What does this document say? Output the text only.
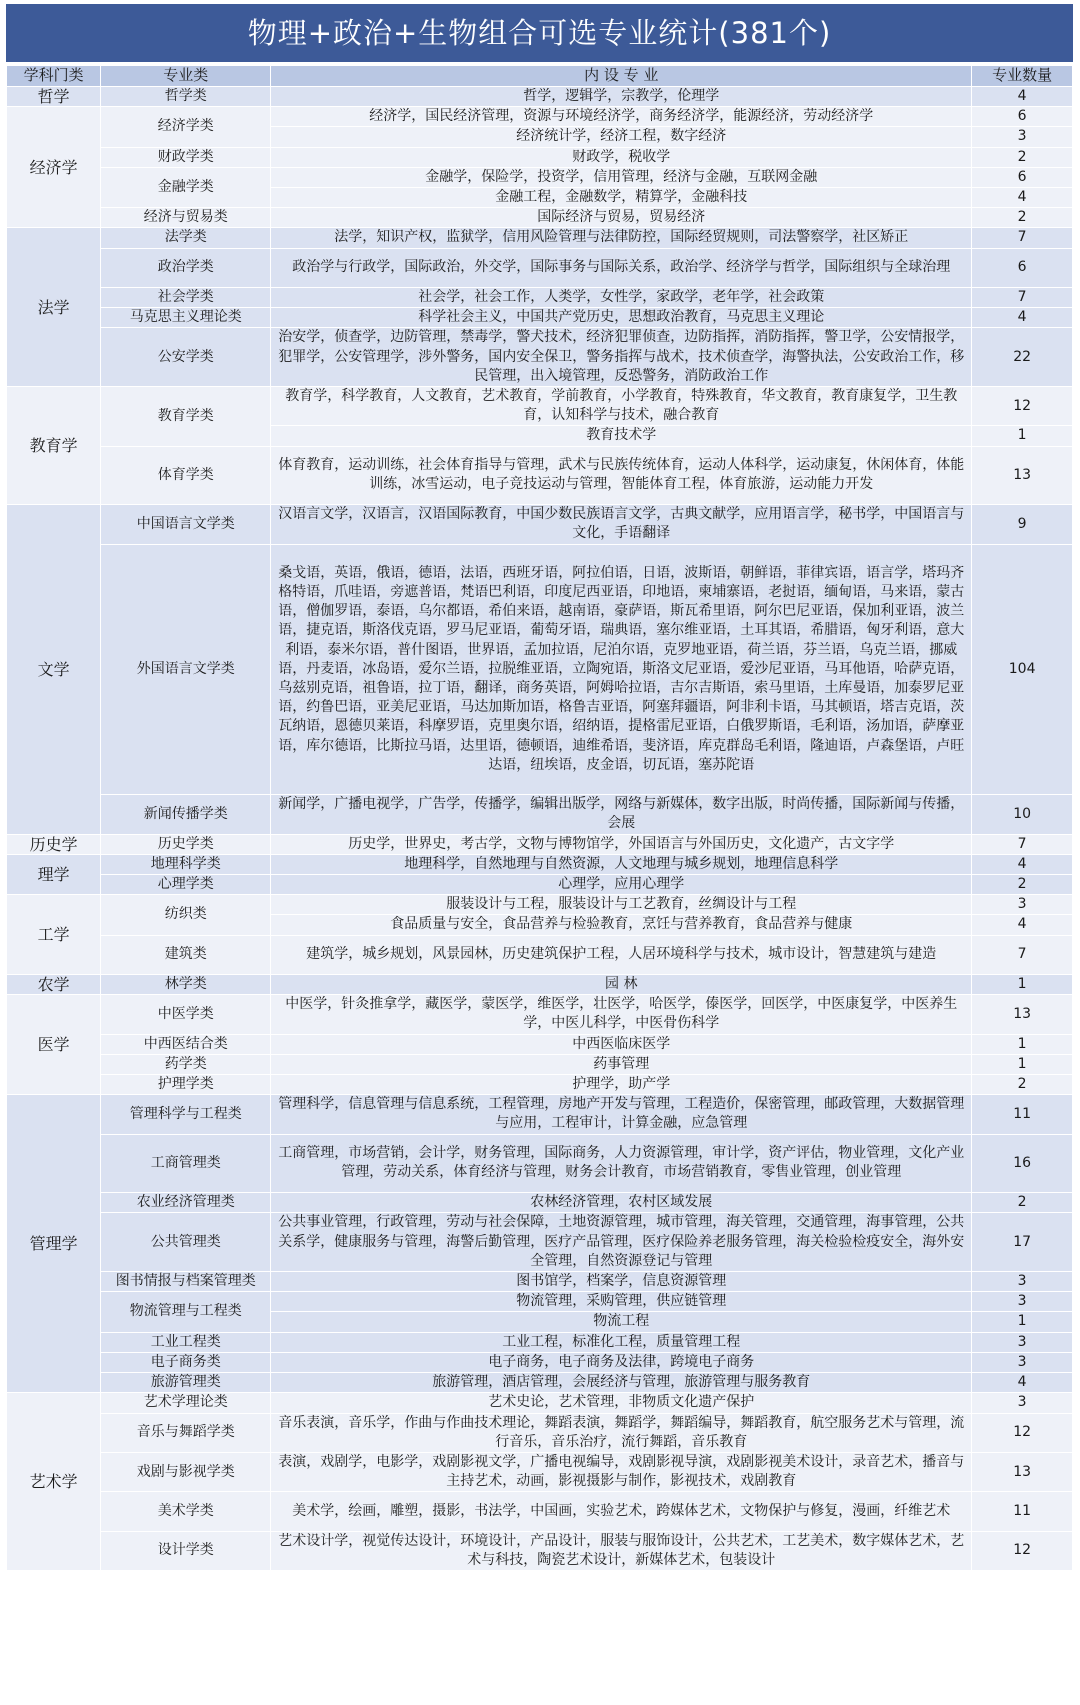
物理+政治+生物组合可选专业统计(381个)
学科门类	专业类	内 设 专 业	专业数量
哲学	哲学类	哲学，逻辑学，宗教学，伦理学	4
经济学	经济学类	经济学，国民经济管理，资源与环境经济学，商务经济学，能源经济，劳动经济学	6
		经济统计学，经济工程，数字经济	3
	财政学类	财政学，税收学	2
	金融学类	金融学，保险学，投资学，信用管理，经济与金融，互联网金融	6
		金融工程，金融数学，精算学，金融科技	4
	经济与贸易类	国际经济与贸易，贸易经济	2
法学	法学类	法学，知识产权，监狱学，信用风险管理与法律防控，国际经贸规则，司法警察学，社区矫正	7
	政治学类	政治学与行政学，国际政治，外交学，国际事务与国际关系，政治学、经济学与哲学，国际组织与全球治理	6
	社会学类	社会学，社会工作，人类学，女性学，家政学，老年学，社会政策	7
	马克思主义理论类	科学社会主义，中国共产党历史，思想政治教育，马克思主义理论	4
	公安学类	治安学，侦查学，边防管理，禁毒学，警犬技术，经济犯罪侦查，边防指挥，消防指挥，警卫学，公安情报学，犯罪学，公安管理学，涉外警务，国内安全保卫，警务指挥与战术，技术侦查学，海警执法，公安政治工作，移民管理，出入境管理，反恐警务，消防政治工作	22
教育学	教育学类	教育学，科学教育，人文教育，艺术教育，学前教育，小学教育，特殊教育，华文教育，教育康复学，卫生教育，认知科学与技术，融合教育	12
		教育技术学	1
	体育学类	体育教育，运动训练，社会体育指导与管理，武术与民族传统体育，运动人体科学，运动康复，休闲体育，体能训练，冰雪运动，电子竞技运动与管理，智能体育工程，体育旅游，运动能力开发	13
文学	中国语言文学类	汉语言文学，汉语言，汉语国际教育，中国少数民族语言文学，古典文献学，应用语言学，秘书学，中国语言与文化，手语翻译	9
	外国语言文学类	桑戈语，英语，俄语，德语，法语，西班牙语，阿拉伯语，日语，波斯语，朝鲜语，菲律宾语，语言学，塔玛齐格特语，爪哇语，旁遮普语，梵语巴利语，印度尼西亚语，印地语，柬埔寨语，老挝语，缅甸语，马来语，蒙古语，僧伽罗语，泰语，乌尔都语，希伯来语，越南语，豪萨语，斯瓦希里语，阿尔巴尼亚语，保加利亚语，波兰语，捷克语，斯洛伐克语，罗马尼亚语，葡萄牙语，瑞典语，塞尔维亚语，土耳其语，希腊语，匈牙利语，意大利语，泰米尔语，普什图语，世界语，孟加拉语，尼泊尔语，克罗地亚语，荷兰语，芬兰语，乌克兰语，挪威语，丹麦语，冰岛语，爱尔兰语，拉脱维亚语，立陶宛语，斯洛文尼亚语，爱沙尼亚语，马耳他语，哈萨克语，乌兹别克语，祖鲁语，拉丁语，翻译，商务英语，阿姆哈拉语，吉尔吉斯语，索马里语，土库曼语，加泰罗尼亚语，约鲁巴语，亚美尼亚语，马达加斯加语，格鲁吉亚语，阿塞拜疆语，阿非利卡语，马其顿语，塔吉克语，茨瓦纳语，恩德贝莱语，科摩罗语，克里奥尔语，绍纳语，提格雷尼亚语，白俄罗斯语，毛利语，汤加语，萨摩亚语，库尔德语，比斯拉马语，达里语，德顿语，迪维希语，斐济语，库克群岛毛利语，隆迪语，卢森堡语，卢旺达语，纽埃语，皮金语，切瓦语，塞苏陀语	104
	新闻传播学类	新闻学，广播电视学，广告学，传播学，编辑出版学，网络与新媒体，数字出版，时尚传播，国际新闻与传播，会展	10
历史学	历史学类	历史学，世界史，考古学，文物与博物馆学，外国语言与外国历史，文化遗产，古文字学	7
理学	地理科学类	地理科学，自然地理与自然资源，人文地理与城乡规划，地理信息科学	4
	心理学类	心理学，应用心理学	2
工学	纺织类	服装设计与工程，服装设计与工艺教育，丝绸设计与工程	3
		食品质量与安全，食品营养与检验教育，烹饪与营养教育，食品营养与健康	4
	建筑类	建筑学，城乡规划，风景园林，历史建筑保护工程，人居环境科学与技术，城市设计，智慧建筑与建造	7
农学	林学类	园 林	1
医学	中医学类	中医学，针灸推拿学，藏医学，蒙医学，维医学，壮医学，哈医学，傣医学，回医学，中医康复学，中医养生学，中医儿科学，中医骨伤科学	13
	中西医结合类	中西医临床医学	1
	药学类	药事管理	1
	护理学类	护理学，助产学	2
管理学	管理科学与工程类	管理科学，信息管理与信息系统，工程管理，房地产开发与管理，工程造价，保密管理，邮政管理，大数据管理与应用，工程审计，计算金融，应急管理	11
	工商管理类	工商管理，市场营销，会计学，财务管理，国际商务，人力资源管理，审计学，资产评估，物业管理，文化产业管理，劳动关系，体育经济与管理，财务会计教育，市场营销教育，零售业管理，创业管理	16
	农业经济管理类	农林经济管理，农村区域发展	2
	公共管理类	公共事业管理，行政管理，劳动与社会保障，土地资源管理，城市管理，海关管理，交通管理，海事管理，公共关系学，健康服务与管理，海警后勤管理，医疗产品管理，医疗保险养老服务管理，海关检验检疫安全，海外安全管理，自然资源登记与管理	17
	图书情报与档案管理类	图书馆学，档案学，信息资源管理	3
	物流管理与工程类	物流管理，采购管理，供应链管理	3
		物流工程	1
	工业工程类	工业工程，标准化工程，质量管理工程	3
	电子商务类	电子商务，电子商务及法律，跨境电子商务	3
	旅游管理类	旅游管理，酒店管理，会展经济与管理，旅游管理与服务教育	4
艺术学	艺术学理论类	艺术史论，艺术管理，非物质文化遗产保护	3
	音乐与舞蹈学类	音乐表演，音乐学，作曲与作曲技术理论，舞蹈表演，舞蹈学，舞蹈编导，舞蹈教育，航空服务艺术与管理，流行音乐，音乐治疗，流行舞蹈，音乐教育	12
	戏剧与影视学类	表演，戏剧学，电影学，戏剧影视文学，广播电视编导，戏剧影视导演，戏剧影视美术设计，录音艺术，播音与主持艺术，动画，影视摄影与制作，影视技术，戏剧教育	13
	美术学类	美术学，绘画，雕塑，摄影，书法学，中国画，实验艺术，跨媒体艺术，文物保护与修复，漫画，纤维艺术	11
	设计学类	艺术设计学，视觉传达设计，环境设计，产品设计，服装与服饰设计，公共艺术，工艺美术，数字媒体艺术，艺术与科技，陶瓷艺术设计，新媒体艺术，包装设计	12
